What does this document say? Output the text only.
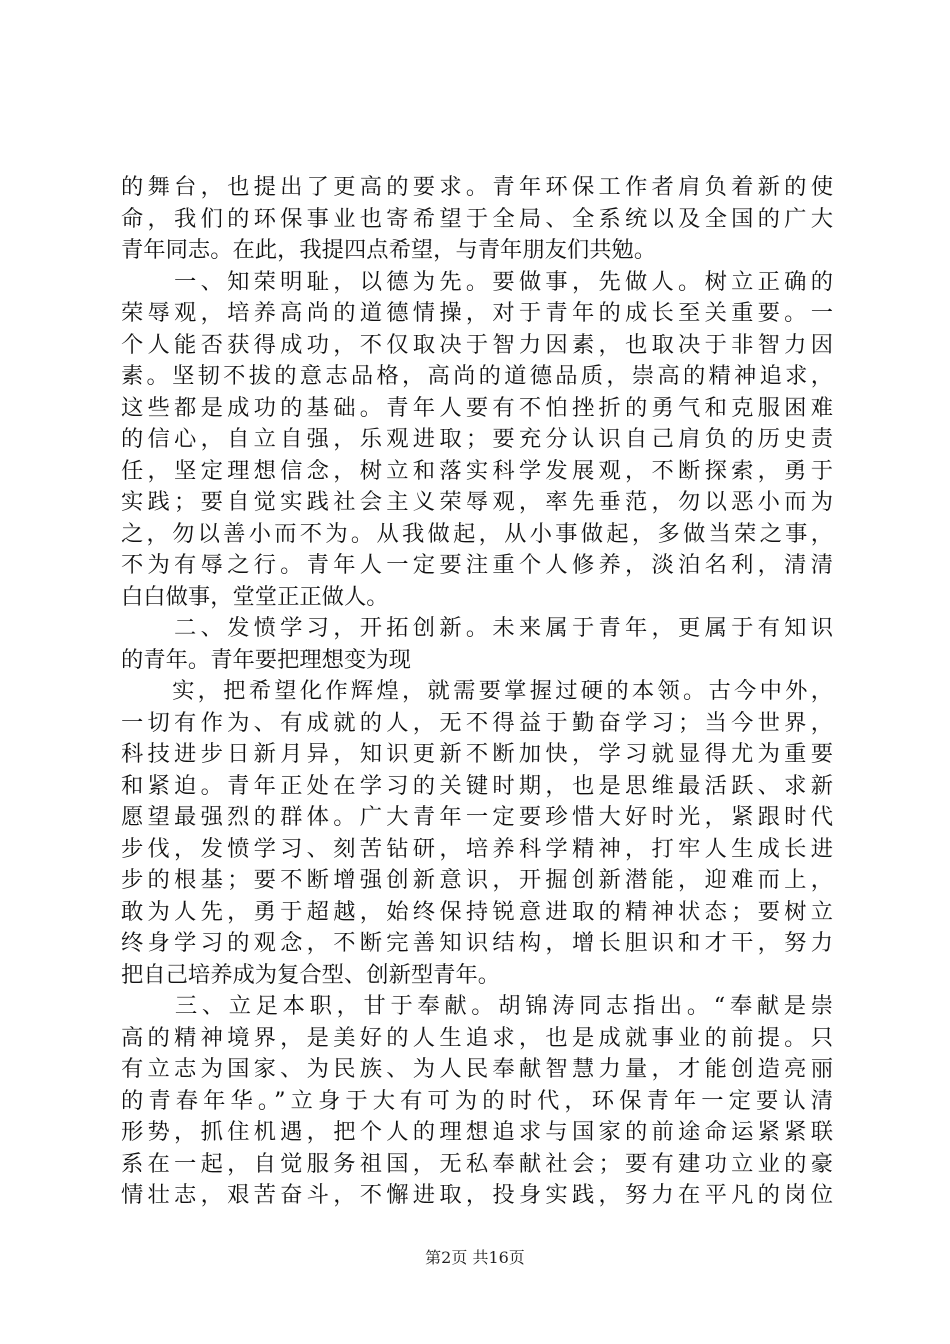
的舞台，也提出了更高的要求。青年环保工作者肩负着新的使
命，我们的环保事业也寄希望于全局、全系统以及全国的广大
青年同志。在此，我提四点希望，与青年朋友们共勉。
　　一、知荣明耻，以德为先。要做事，先做人。树立正确的
荣辱观，培养高尚的道德情操，对于青年的成长至关重要。一
个人能否获得成功，不仅取决于智力因素，也取决于非智力因
素。坚韧不拔的意志品格，高尚的道德品质，崇高的精神追求，
这些都是成功的基础。青年人要有不怕挫折的勇气和克服困难
的信心，自立自强，乐观进取；要充分认识自己肩负的历史责
任，坚定理想信念，树立和落实科学发展观，不断探索，勇于
实践；要自觉实践社会主义荣辱观，率先垂范，勿以恶小而为
之，勿以善小而不为。从我做起，从小事做起，多做当荣之事，
不为有辱之行。青年人一定要注重个人修养，淡泊名利，清清
白白做事，堂堂正正做人。
　　二、发愤学习，开拓创新。未来属于青年，更属于有知识
的青年。青年要把理想变为现
　　实，把希望化作辉煌，就需要掌握过硬的本领。古今中外，
一切有作为、有成就的人，无不得益于勤奋学习；当今世界，
科技进步日新月异，知识更新不断加快，学习就显得尤为重要
和紧迫。青年正处在学习的关键时期，也是思维最活跃、求新
愿望最强烈的群体。广大青年一定要珍惜大好时光，紧跟时代
步伐，发愤学习、刻苦钻研，培养科学精神，打牢人生成长进
步的根基；要不断增强创新意识，开掘创新潜能，迎难而上，
敢为人先，勇于超越，始终保持锐意进取的精神状态；要树立
终身学习的观念，不断完善知识结构，增长胆识和才干，努力
把自己培养成为复合型、创新型青年。
　　三、立足本职，甘于奉献。胡锦涛同志指出。“奉献是崇
高的精神境界，是美好的人生追求，也是成就事业的前提。只
有立志为国家、为民族、为人民奉献智慧力量，才能创造亮丽
的青春年华。”立身于大有可为的时代，环保青年一定要认清
形势，抓住机遇，把个人的理想追求与国家的前途命运紧紧联
系在一起，自觉服务祖国，无私奉献社会；要有建功立业的豪
情壮志，艰苦奋斗，不懈进取，投身实践，努力在平凡的岗位
第2页 共16页
